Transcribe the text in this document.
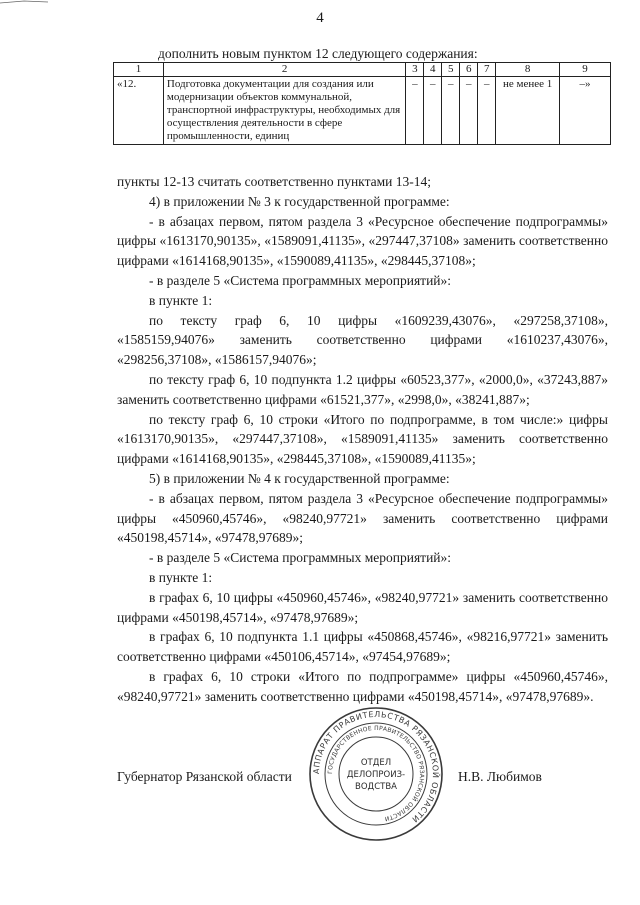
4
дополнить новым пунктом 12 следующего содержания:
1	2	3	4	5	6	7	8	9
«12.	Подготовка документации для создания или модернизации объектов коммунальной, транспортной инфраструктуры, необходимых для осуществления деятельности в сфере промышленности, единиц	–	–	–	–	–	не менее 1	–»

пункты 12-13 считать соответственно пунктами 13-14;

4) в приложении № 3 к государственной программе:

- в абзацах первом, пятом раздела 3 «Ресурсное обеспечение подпрограммы» цифры «1613170,90135», «1589091,41135», «297447,37108» заменить соответственно цифрами «1614168,90135», «1590089,41135», «298445,37108»;

- в разделе 5 «Система программных мероприятий»:

в пункте 1:

по тексту граф 6, 10 цифры «1609239,43076», «297258,37108», «1585159,94076» заменить соответственно цифрами «1610237,43076», «298256,37108», «1586157,94076»;

по тексту граф 6, 10 подпункта 1.2 цифры «60523,377», «2000,0», «37243,887» заменить соответственно цифрами «61521,377», «2998,0», «38241,887»;

по тексту граф 6, 10 строки «Итого по подпрограмме, в том числе:» цифры «1613170,90135», «297447,37108», «1589091,41135» заменить соответственно цифрами «1614168,90135», «298445,37108», «1590089,41135»;

5) в приложении № 4 к государственной программе:

- в абзацах первом, пятом раздела 3 «Ресурсное обеспечение подпрограммы» цифры «450960,45746», «98240,97721» заменить соответственно цифрами «450198,45714», «97478,97689»;

- в разделе 5 «Система программных мероприятий»:

в пункте 1:

в графах 6, 10 цифры «450960,45746», «98240,97721» заменить соответственно цифрами «450198,45714», «97478,97689»;

в графах 6, 10 подпункта 1.1 цифры «450868,45746», «98216,97721» заменить соответственно цифрами «450106,45714», «97454,97689»;

в графах 6, 10 строки «Итого по подпрограмме» цифры «450960,45746», «98240,97721» заменить соответственно цифрами «450198,45714», «97478,97689».

АППАРАТ ПРАВИТЕЛЬСТВА РЯЗАНСКОЙ ОБЛАСТИ
ГОСУДАРСТВЕННОЕ ПРАВИТЕЛЬСТВО РЯЗАНСКОЙ ОБЛАСТИ
ОТДЕЛ
ДЕЛОПРОИЗ-
ВОДСТВА
Губернатор Рязанской области	Н.В. Любимов
